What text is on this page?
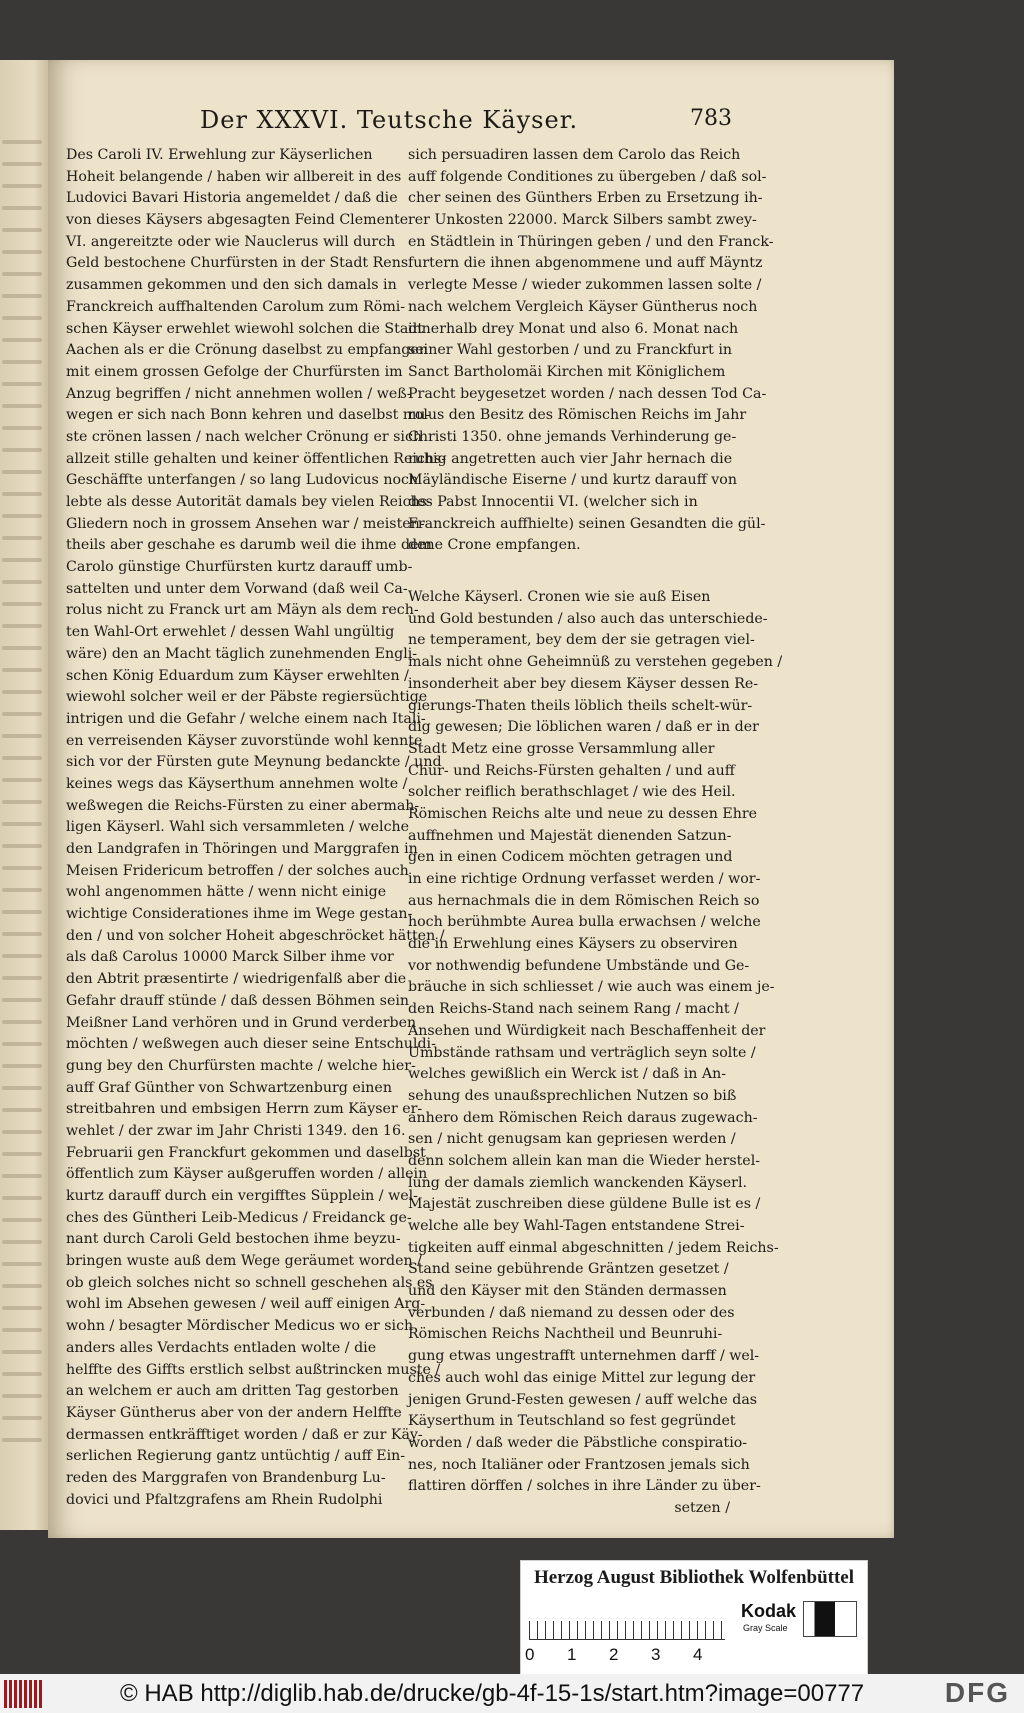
Der XXXVI. Teutsche Käyser.	783
Des Caroli IV. Erwehlung zur Käyserlichen
Hoheit belangende / haben wir allbereit in des
Ludovici Bavari Historia angemeldet / daß die
von dieses Käysers abgesagten Feind Clemente
VI. angereitzte oder wie Nauclerus will durch
Geld bestochene Churfürsten in der Stadt Rens
zusammen gekommen und den sich damals in
Franckreich auffhaltenden Carolum zum Römi-
schen Käyser erwehlet wiewohl solchen die Stadt
Aachen als er die Crönung daselbst zu empfangen
mit einem grossen Gefolge der Churfürsten im
Anzug begriffen / nicht annehmen wollen / weß-
wegen er sich nach Bonn kehren und daselbst mu-
ste crönen lassen / nach welcher Crönung er sich
allzeit stille gehalten und keiner öffentlichen Reichs-
Geschäffte unterfangen / so lang Ludovicus noch
lebte als desse Autorität damals bey vielen Reichs-
Gliedern noch in grossem Ansehen war / meisten-
theils aber geschahe es darumb weil die ihme dem
Carolo günstige Churfürsten kurtz darauff umb-
sattelten und unter dem Vorwand (daß weil Ca-
rolus nicht zu Franck urt am Mäyn als dem rech-
ten Wahl-Ort erwehlet / dessen Wahl ungültig
wäre) den an Macht täglich zunehmenden Engli-
schen König Eduardum zum Käyser erwehlten /
wiewohl solcher weil er der Päbste regiersüchtige
intrigen und die Gefahr / welche einem nach Itali-
en verreisenden Käyser zuvorstünde wohl kennte
sich vor der Fürsten gute Meynung bedanckte / und
keines wegs das Käyserthum annehmen wolte /
weßwegen die Reichs-Fürsten zu einer abermah-
ligen Käyserl. Wahl sich versammleten / welche
den Landgrafen in Thöringen und Marggrafen in
Meisen Fridericum betroffen / der solches auch
wohl angenommen hätte / wenn nicht einige
wichtige Considerationes ihme im Wege gestan-
den / und von solcher Hoheit abgeschröcket hätten /
als daß Carolus 10000 Marck Silber ihme vor
den Abtrit præsentirte / wiedrigenfalß aber die
Gefahr drauff stünde / daß dessen Böhmen sein
Meißner Land verhören und in Grund verderben
möchten / weßwegen auch dieser seine Entschuldi-
gung bey den Churfürsten machte / welche hier-
auff Graf Günther von Schwartzenburg einen
streitbahren und embsigen Herrn zum Käyser er-
wehlet / der zwar im Jahr Christi 1349. den 16.
Februarii gen Franckfurt gekommen und daselbst
öffentlich zum Käyser außgeruffen worden / allein
kurtz darauff durch ein vergifftes Süpplein / wel-
ches des Güntheri Leib-Medicus / Freidanck ge-
nant durch Caroli Geld bestochen ihme beyzu-
bringen wuste auß dem Wege geräumet worden /
ob gleich solches nicht so schnell geschehen als es
wohl im Absehen gewesen / weil auff einigen Arg-
wohn / besagter Mördischer Medicus wo er sich
anders alles Verdachts entladen wolte / die
helffte des Giffts erstlich selbst außtrincken muste /
an welchem er auch am dritten Tag gestorben
Käyser Güntherus aber von der andern Helffte
dermassen entkräfftiget worden / daß er zur Käy-
serlichen Regierung gantz untüchtig / auff Ein-
reden des Marggrafen von Brandenburg Lu-
dovici und Pfaltzgrafens am Rhein Rudolphi
sich persuadiren lassen dem Carolo das Reich
auff folgende Conditiones zu übergeben / daß sol-
cher seinen des Günthers Erben zu Ersetzung ih-
rer Unkosten 22000. Marck Silbers sambt zwey-
en Städtlein in Thüringen geben / und den Franck-
furtern die ihnen abgenommene und auff Mäyntz
verlegte Messe / wieder zukommen lassen solte /
nach welchem Vergleich Käyser Güntherus noch
innerhalb drey Monat und also 6. Monat nach
seiner Wahl gestorben / und zu Franckfurt in
Sanct Bartholomäi Kirchen mit Königlichem
Pracht beygesetzet worden / nach dessen Tod Ca-
rolus den Besitz des Römischen Reichs im Jahr
Christi 1350. ohne jemands Verhinderung ge-
ruhig angetretten auch vier Jahr hernach die
Mäyländische Eiserne / und kurtz darauff von
des Pabst Innocentii VI. (welcher sich in
Franckreich auffhielte) seinen Gesandten die gül-
dene Crone empfangen.
Welche Käyserl. Cronen wie sie auß Eisen
und Gold bestunden / also auch das unterschiede-
ne temperament, bey dem der sie getragen viel-
mals nicht ohne Geheimnüß zu verstehen gegeben /
insonderheit aber bey diesem Käyser dessen Re-
gierungs-Thaten theils löblich theils schelt-wür-
dig gewesen; Die löblichen waren / daß er in der
Stadt Metz eine grosse Versammlung aller
Chur- und Reichs-Fürsten gehalten / und auff
solcher reiflich berathschlaget / wie des Heil.
Römischen Reichs alte und neue zu dessen Ehre
auffnehmen und Majestät dienenden Satzun-
gen in einen Codicem möchten getragen und
in eine richtige Ordnung verfasset werden / wor-
aus hernachmals die in dem Römischen Reich so
hoch berühmbte Aurea bulla erwachsen / welche
die in Erwehlung eines Käysers zu observiren
vor nothwendig befundene Umbstände und Ge-
bräuche in sich schliesset / wie auch was einem je-
den Reichs-Stand nach seinem Rang / macht /
Ansehen und Würdigkeit nach Beschaffenheit der
Umbstände rathsam und verträglich seyn solte /
welches gewißlich ein Werck ist / daß in An-
sehung des unaußsprechlichen Nutzen so biß
anhero dem Römischen Reich daraus zugewach-
sen / nicht genugsam kan gepriesen werden /
denn solchem allein kan man die Wieder herstel-
lung der damals ziemlich wanckenden Käyserl.
Majestät zuschreiben diese güldene Bulle ist es /
welche alle bey Wahl-Tagen entstandene Strei-
tigkeiten auff einmal abgeschnitten / jedem Reichs-
Stand seine gebührende Gräntzen gesetzet /
und den Käyser mit den Ständen dermassen
verbunden / daß niemand zu dessen oder des
Römischen Reichs Nachtheil und Beunruhi-
gung etwas ungestrafft unternehmen darff / wel-
ches auch wohl das einige Mittel zur legung der
jenigen Grund-Festen gewesen / auff welche das
Käyserthum in Teutschland so fest gegründet
worden / daß weder die Päbstliche conspiratio-
nes, noch Italiäner oder Frantzosen jemals sich
flattiren dörffen / solches in ihre Länder zu über-
setzen /
Herzog August Bibliothek Wolfenbüttel
0 1 2 3 4
Kodak
Gray Scale
© HAB http://diglib.hab.de/drucke/gb-4f-15-1s/start.htm?image=00777	DFG
